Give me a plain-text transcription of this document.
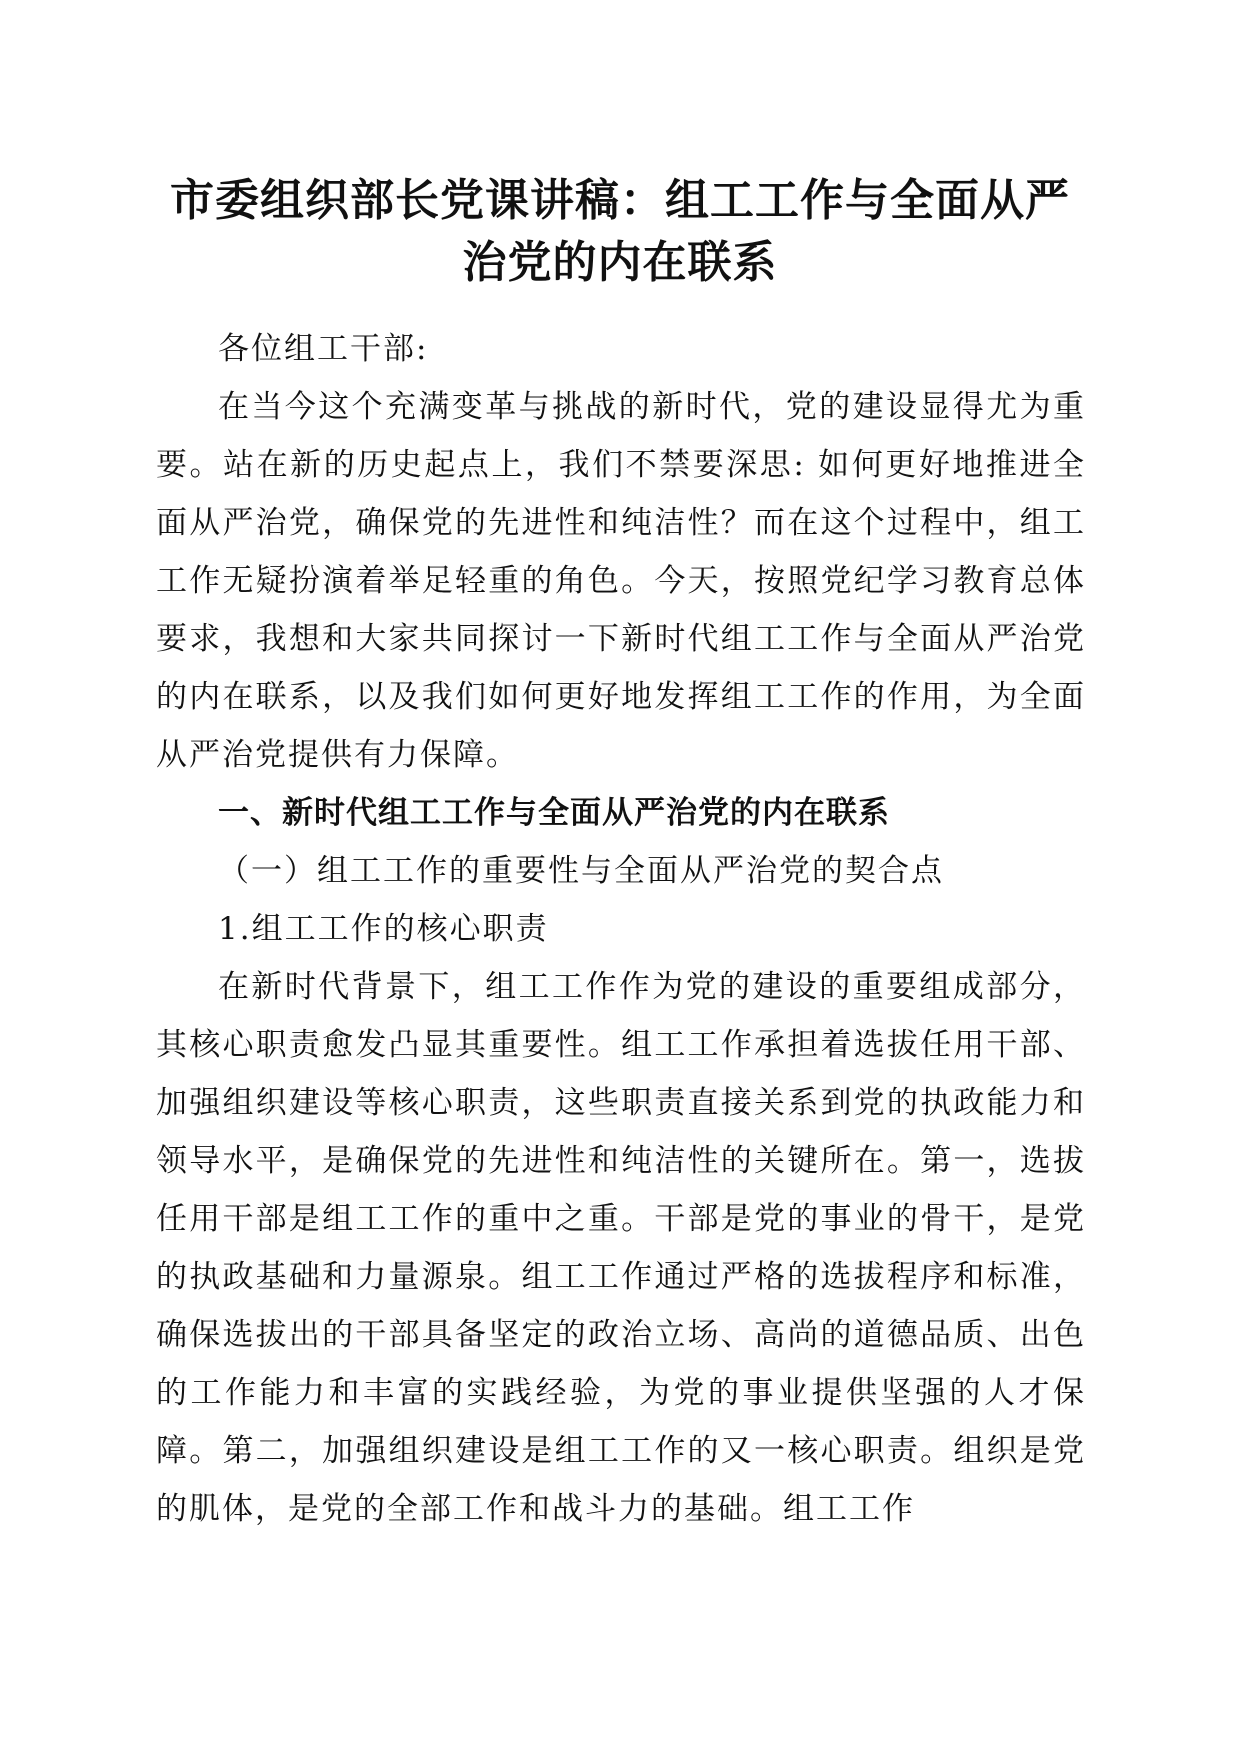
市委组织部长党课讲稿：组工工作与全面从严
治党的内在联系

各位组工干部:

在当今这个充满变革与挑战的新时代，党的建设显得尤为重要。站在新的历史起点上，我们不禁要深思: 如何更好地推进全面从严治党，确保党的先进性和纯洁性？而在这个过程中，组工工作无疑扮演着举足轻重的角色。今天，按照党纪学习教育总体要求，我想和大家共同探讨一下新时代组工工作与全面从严治党的内在联系，以及我们如何更好地发挥组工工作的作用，为全面从严治党提供有力保障。

一、新时代组工工作与全面从严治党的内在联系

（一）组工工作的重要性与全面从严治党的契合点

1.组工工作的核心职责

在新时代背景下，组工工作作为党的建设的重要组成部分，其核心职责愈发凸显其重要性。组工工作承担着选拔任用干部、加强组织建设等核心职责，这些职责直接关系到党的执政能力和领导水平，是确保党的先进性和纯洁性的关键所在。第一，选拔任用干部是组工工作的重中之重。干部是党的事业的骨干，是党的执政基础和力量源泉。组工工作通过严格的选拔程序和标准，确保选拔出的干部具备坚定的政治立场、高尚的道德品质、出色的工作能力和丰富的实践经验，为党的事业提供坚强的人才保障。第二，加强组织建设是组工工作的又一核心职责。组织是党的肌体，是党的全部工作和战斗力的基础。组工工作
